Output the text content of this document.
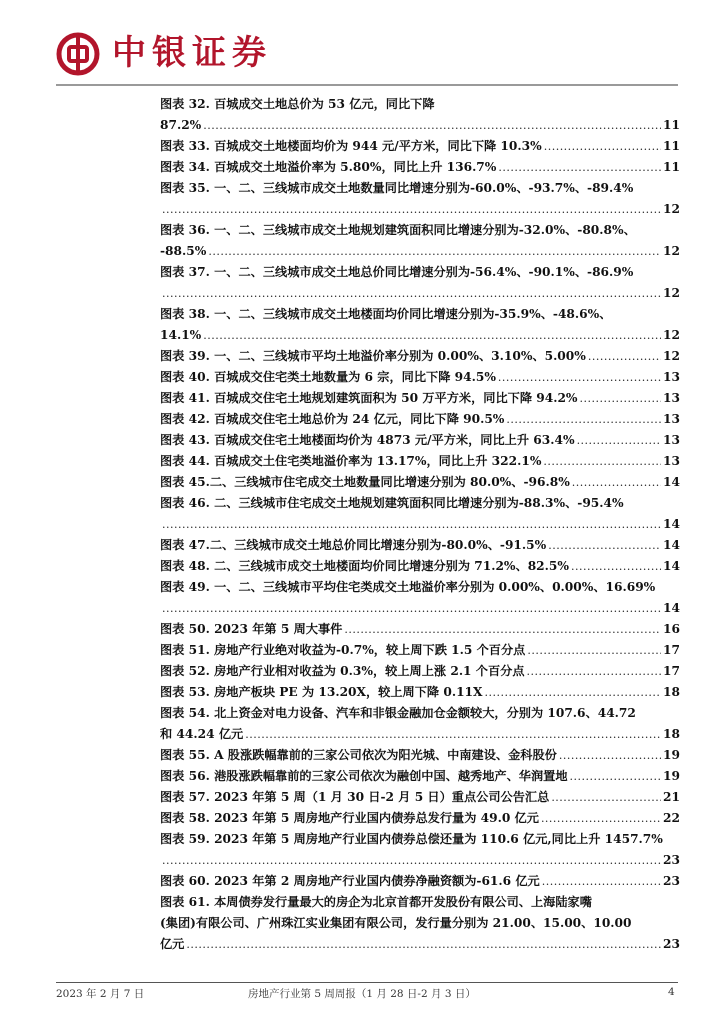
中银证券
图表 32. 百城成交土地总价为 53 亿元，同比下降
87.2% .....	11
图表 33. 百城成交土地楼面均价为 944 元/平方米，同比下降 10.3% .....	11
图表 34. 百城成交土地溢价率为 5.80%，同比上升 136.7% .....	11
图表 35. 一、二、三线城市成交土地数量同比增速分别为-60.0%、-93.7%、-89.4%
.....
12
图表 36. 一、二、三线城市成交土地规划建筑面积同比增速分别为-32.0%、-80.8%、
-88.5% .....	12
图表 37. 一、二、三线城市成交土地总价同比增速分别为-56.4%、-90.1%、-86.9%
.....
12
图表 38. 一、二、三线城市成交土地楼面均价同比增速分别为-35.9%、-48.6%、
14.1% .....	12
图表 39. 一、二、三线城市平均土地溢价率分别为 0.00%、3.10%、5.00% .....	12
图表 40. 百城成交住宅类土地数量为 6 宗，同比下降 94.5% .....	13
图表 41. 百城成交住宅土地规划建筑面积为 50 万平方米，同比下降 94.2% .....	13
图表 42. 百城成交住宅土地总价为 24 亿元，同比下降 90.5% .....	13
图表 43. 百城成交住宅土地楼面均价为 4873 元/平方米，同比上升 63.4% .....	13
图表 44. 百城成交土住宅类地溢价率为 13.17%，同比上升 322.1% .....	13
图表 45.二、三线城市住宅成交土地数量同比增速分别为 80.0%、-96.8% .....	14
图表 46. 二、三线城市住宅成交土地规划建筑面积同比增速分别为-88.3%、-95.4%
.....
14
图表 47.二、三线城市成交土地总价同比增速分别为-80.0%、-91.5% .....	14
图表 48. 二、三线城市成交土地楼面均价同比增速分别为 71.2%、82.5% .....	14
图表 49. 一、二、三线城市平均住宅类成交土地溢价率分别为 0.00%、0.00%、16.69%
.....
14
图表 50. 2023 年第 5 周大事件 .....	16
图表 51. 房地产行业绝对收益为-0.7%，较上周下跌 1.5 个百分点 .....	17
图表 52. 房地产行业相对收益为 0.3%，较上周上涨 2.1 个百分点 .....	17
图表 53. 房地产板块 PE 为 13.20X，较上周下降 0.11X .....	18
图表 54. 北上资金对电力设备、汽车和非银金融加仓金额较大，分别为 107.6、44.72
和 44.24 亿元 .....	18
图表 55. A 股涨跌幅靠前的三家公司依次为阳光城、中南建设、金科股份 .....	19
图表 56. 港股涨跌幅靠前的三家公司依次为融创中国、越秀地产、华润置地 .....	19
图表 57. 2023 年第 5 周（1 月 30 日-2 月 5 日）重点公司公告汇总 .....	21
图表 58. 2023 年第 5 周房地产行业国内债券总发行量为 49.0 亿元 .....	22
图表 59. 2023 年第 5 周房地产行业国内债券总偿还量为 110.6 亿元,同比上升 1457.7%
.....
23
图表 60. 2023 年第 2 周房地产行业国内债券净融资额为-61.6 亿元 .....	23
图表 61. 本周债券发行量最大的房企为北京首都开发股份有限公司、上海陆家嘴
(集团)有限公司、广州珠江实业集团有限公司，发行量分别为 21.00、15.00、10.00
亿元 .....	23
2023 年 2 月 7 日	房地产行业第 5 周周报（1 月 28 日-2 月 3 日）	4
